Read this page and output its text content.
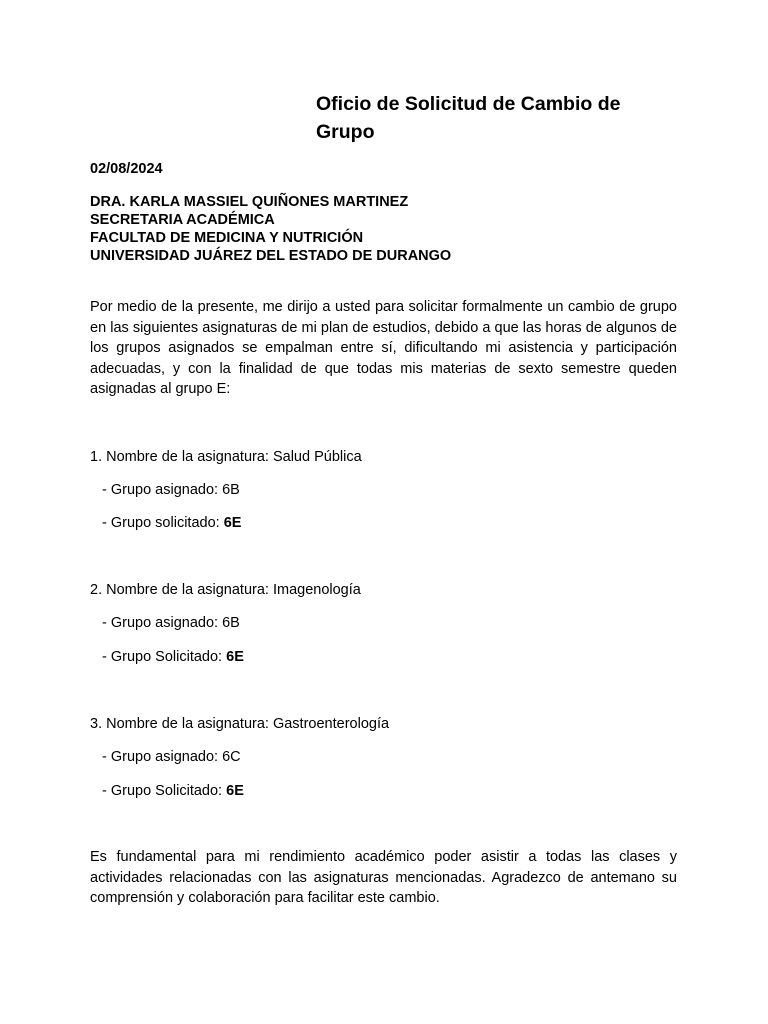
Oficio de Solicitud de Cambio de Grupo
02/08/2024
DRA. KARLA MASSIEL QUIÑONES MARTINEZ
SECRETARIA ACADÉMICA
FACULTAD DE MEDICINA Y NUTRICIÓN
UNIVERSIDAD JUÁREZ DEL ESTADO DE DURANGO

Por medio de la presente, me dirijo a usted para solicitar formalmente un cambio de grupo en las siguientes asignaturas de mi plan de estudios, debido a que las horas de algunos de los grupos asignados se empalman entre sí, dificultando mi asistencia y participación adecuadas, y con la finalidad de que todas mis materias de sexto semestre queden asignadas al grupo E:

1. Nombre de la asignatura: Salud Pública
- Grupo asignado: 6B
- Grupo solicitado: 6E
2. Nombre de la asignatura: Imagenología
- Grupo asignado: 6B
- Grupo Solicitado: 6E
3. Nombre de la asignatura: Gastroenterología
- Grupo asignado: 6C
- Grupo Solicitado: 6E

Es fundamental para mi rendimiento académico poder asistir a todas las clases y actividades relacionadas con las asignaturas mencionadas. Agradezco de antemano su comprensión y colaboración para facilitar este cambio.
